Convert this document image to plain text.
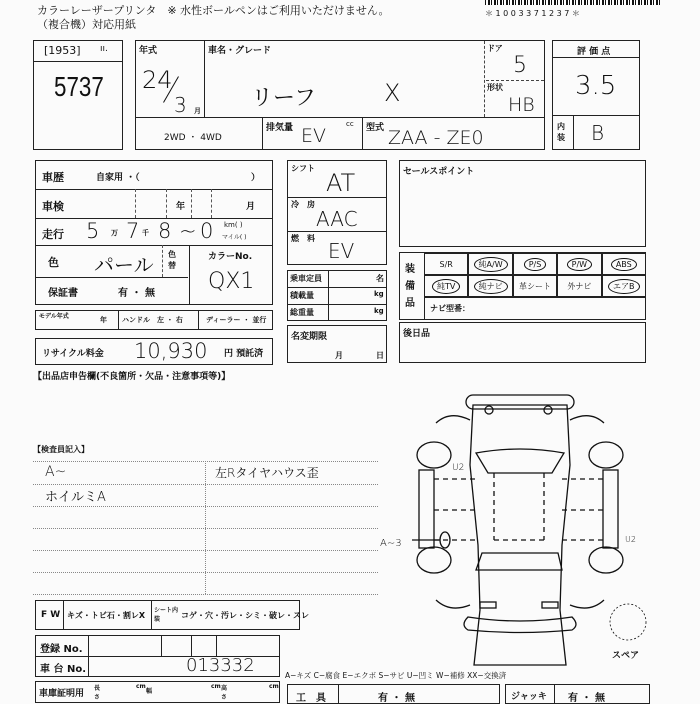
カラーレーザープリンタ　※ 水性ボールペンはご利用いただけません。
（複合機）対応用紙
＊ 1 0 0 3 3 7 1 2 3 7 ＊
[1953] ıı.
5737
年式
24
3 月
車名・グレード
リーフ	X
ドア
5
形状
HB
2WD ・ 4WD
排気量 EV
cc 型式 ZAA - ZE0
評 価 点
3.5
内装 B
車歴	自家用 ・（	）
車検	年	月
走行 5 万 7 千 8 ~ 0 km( )
マイル( )
色 パール 色替
カラーNo.
QX1
保証書	有 ・ 無
モデル年式	年 ハンドル　左 ・ 右	ディーラー ・ 並行
リサイクル料金 10,930 円 預託済
【出品店申告欄(不良箇所・欠品・注意事項等)】
シフト
AT
冷　房
AAC
燃　料
EV
乗車定員	名
積載量	kg
総重量	kg
名変期限
月	日
セールスポイント
装備品
S/R	純A/W	P/S	P/W	ABS
純TV	純ナビ	革シート 外ナビ	エアB
ナビ型番：
後日品
【検査員記入】
A~
ホイルミA
左Rタイヤハウス歪	U2
U2
A~3
スペア
F W キズ・トビ石・割レX
シート内装	コゲ・穴・汚レ・シミ・破レ・スレ
登録 No.
車 台 No.	013332
車庫証明用
長さ
cm
幅
cm 高さ
cm
A−キズ C−腐食 E−エクボ S−サビ U−凹ミ W−補修 XX−交換済
工　具	有 ・ 無	ジャッキ 有 ・ 無
